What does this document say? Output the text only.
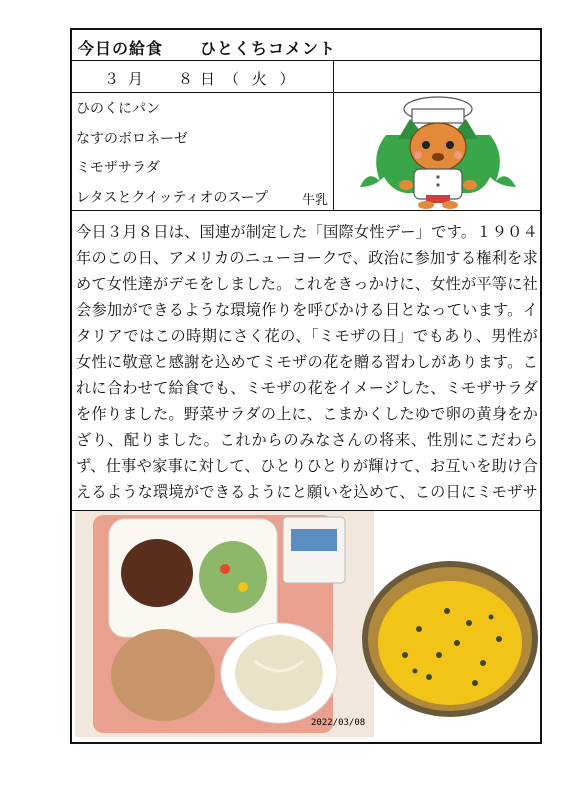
今日の給食 ひとくちコメント
３ 月 ８ 日 （ 火 ）
ひのくにパン
なすのボロネーゼ
ミモザサラダ
レタスとクイッティオのスープ	牛乳

今日３月８日は、国連が制定した「国際女性デー」です。１９０４年のこの日、アメリカのニューヨークで、政治に参加する権利を求めて女性達がデモをしました。これをきっかけに、女性が平等に社会参加ができるような環境作りを呼びかける日となっています。イタリアではこの時期にさく花の、「ミモザの日」でもあり、男性が女性に敬意と感謝を込めてミモザの花を贈る習わしがあります。これに合わせて給食でも、ミモザの花をイメージした、ミモザサラダを作りました。野菜サラダの上に、こまかくしたゆで卵の黄身をかざり、配りました。これからのみなさんの将来、性別にこだわらず、仕事や家事に対して、ひとりひとりが輝けて、お互いを助け合えるような環境ができるようにと願いを込めて、この日にミモザサ

2022/03/08
